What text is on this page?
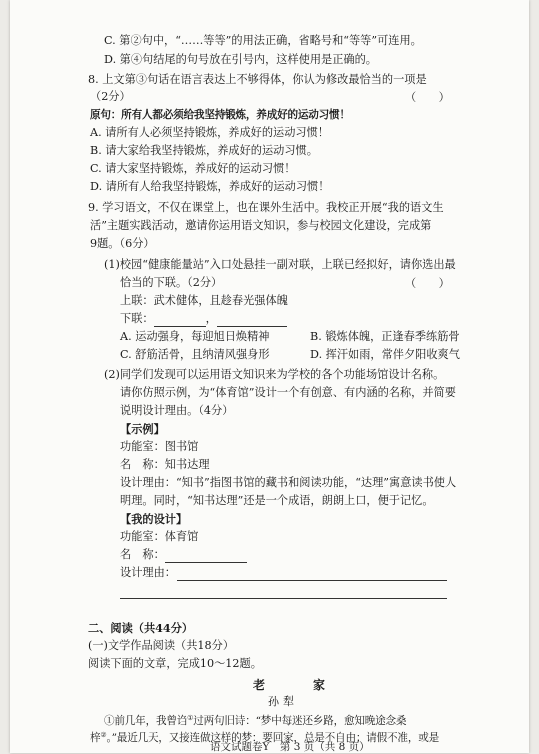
C. 第②句中，“……等等”的用法正确，省略号和“等等”可连用。
D. 第④句结尾的句号放在引号内，这样使用是正确的。
8. 上文第③句话在语言表达上不够得体，你认为修改最恰当的一项是
（2分）	（　　）
原句：所有人都必须给我坚持锻炼，养成好的运动习惯！
A. 请所有人必须坚持锻炼，养成好的运动习惯！
B. 请大家给我坚持锻炼，养成好的运动习惯。
C. 请大家坚持锻炼，养成好的运动习惯！
D. 请所有人给我坚持锻炼，养成好的运动习惯！
9. 学习语文，不仅在课堂上，也在课外生活中。我校正开展“我的语文生
活”主题实践活动，邀请你运用语文知识，参与校园文化建设，完成第
9题。（6分）
(1)校园“健康能量站”入口处悬挂一副对联，上联已经拟好，请你选出最
恰当的下联。（2分）	（　　）
上联：武术健体，且趁春光强体魄
下联：	，
A. 运动强身，每迎旭日焕精神	B. 锻炼体魄，正逢春季练筋骨
C. 舒筋活骨，且纳清风强身形	D. 挥汗如雨，常伴夕阳收爽气
(2)同学们发现可以运用语文知识来为学校的各个功能场馆设计名称。
请你仿照示例，为“体育馆”设计一个有创意、有内涵的名称，并简要
说明设计理由。（4分）
【示例】
功能室：图书馆
名　称：知书达理
设计理由：“知书”指图书馆的藏书和阅读功能，“达理”寓意读书使人
明理。同时，“知书达理”还是一个成语，朗朗上口，便于记忆。
【我的设计】
功能室：体育馆
名　称：
设计理由：
二、阅读（共44分）
(一)文学作品阅读（共18分）
阅读下面的文章，完成10～12题。
老　家
孙犁
①前几年，我曾诌①过两句旧诗：“梦中每迷还乡路，愈知晚途念桑
梓②。”最近几天，又接连做这样的梦：要回家，总是不自由；请假不准，或是
语文试题卷Y　第 3 页（共 8 页）
